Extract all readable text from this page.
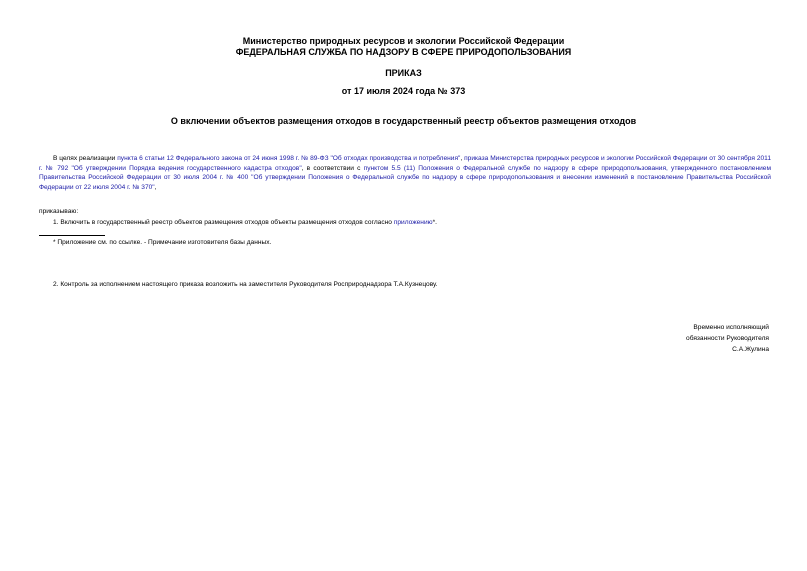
Министерство природных ресурсов и экологии Российской Федерации
ФЕДЕРАЛЬНАЯ СЛУЖБА ПО НАДЗОРУ В СФЕРЕ ПРИРОДОПОЛЬЗОВАНИЯ
ПРИКАЗ
от 17 июля 2024 года № 373
О включении объектов размещения отходов в государственный реестр объектов размещения отходов
В целях реализации пункта 6 статьи 12 Федерального закона от 24 июня 1998 г. № 89-ФЗ "Об отходах производства и потребления", приказа Министерства природных ресурсов и экологии Российской Федерации от 30 сентября 2011 г. № 792 "Об утверждении Порядка ведения государственного кадастра отходов", в соответствии с пунктом 5.5 (11) Положения о Федеральной службе по надзору в сфере природопользования, утвержденного постановлением Правительства Российской Федерации от 30 июля 2004 г. № 400 "Об утверждении Положения о Федеральной службе по надзору в сфере природопользования и внесении изменений в постановление Правительства Российской Федерации от 22 июля 2004 г. № 370",
приказываю:
1. Включить в государственный реестр объектов размещения отходов объекты размещения отходов согласно приложению*.
* Приложение см. по ссылке. - Примечание изготовителя базы данных.
2. Контроль за исполнением настоящего приказа возложить на заместителя Руководителя Росприроднадзора Т.А.Кузнецову.
Временно исполняющий
обязанности Руководителя
С.А.Жулина
